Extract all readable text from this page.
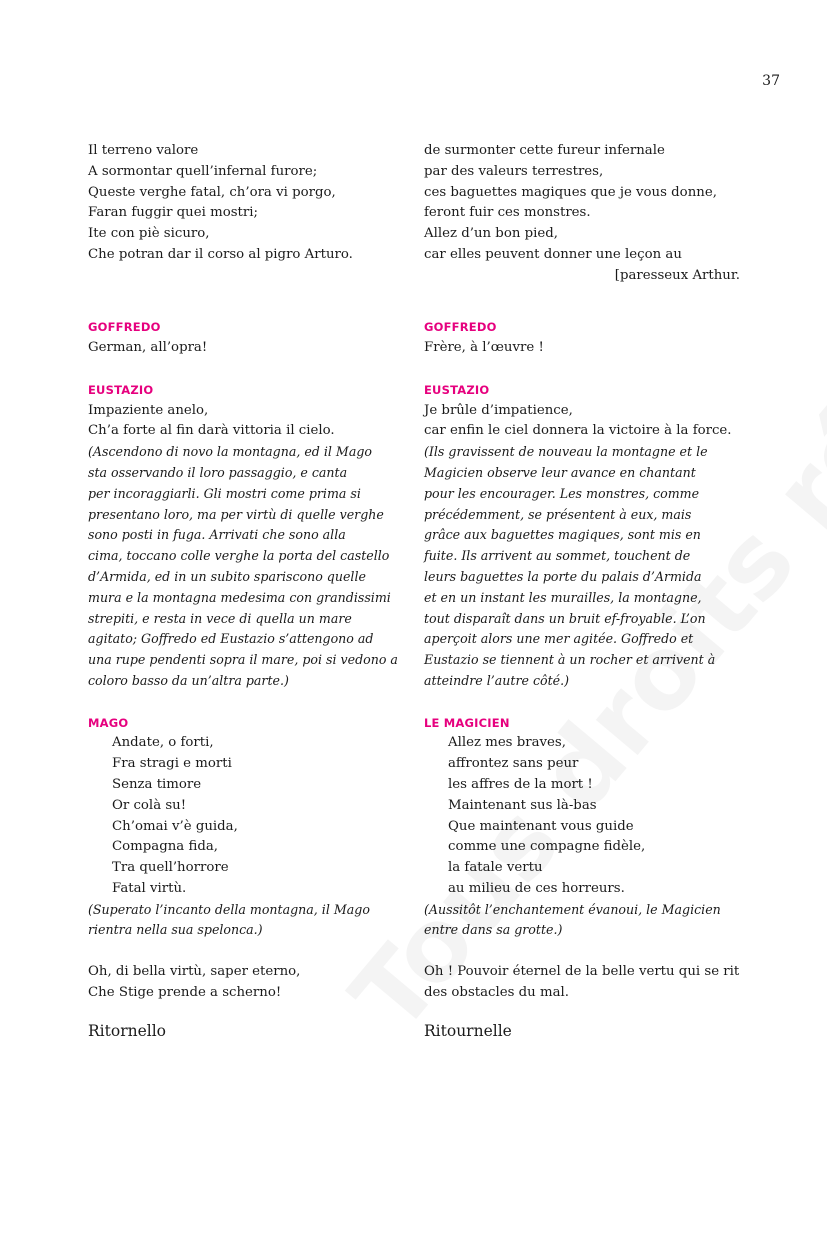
37
Il terreno valore
A sormontar quell’infernal furore;
Queste verghe fatal, ch’ora vi porgo,
Faran fuggir quei mostri;
Ite con piè sicuro,
Che potran dar il corso al pigro Arturo.
GOFFREDO
German, all’opra!
EUSTAZIO
Impaziente anelo,
Ch’a forte al fin darà vittoria il cielo.
(Ascendono di novo la montagna, ed il Mago
sta osservando il loro passaggio, e canta
per incoraggiarli. Gli mostri come prima si
presentano loro, ma per virtù di quelle verghe
sono posti in fuga. Arrivati che sono alla
cima, toccano colle verghe la porta del castello
d’Armida, ed in un subito spariscono quelle
mura e la montagna medesima con grandissimi
strepiti, e resta in vece di quella un mare
agitato; Goffredo ed Eustazio s’attengono ad
una rupe pendenti sopra il mare, poi si vedono a
coloro basso da un’altra parte.)
MAGO
Andate, o forti,
Fra stragi e morti
Senza timore
Or colà su!
Ch’omai v’è guida,
Compagna fida,
Tra quell’horrore
Fatal virtù.
(Superato l’incanto della montagna, il Mago
rientra nella sua spelonca.)
Oh, di bella virtù, saper eterno,
Che Stige prende a scherno!
Ritornello
de surmonter cette fureur infernale
par des valeurs terrestres,
ces baguettes magiques que je vous donne,
feront fuir ces monstres.
Allez d’un bon pied,
car elles peuvent donner une leçon au
[paresseux Arthur.
GOFFREDO
Frère, à l’œuvre !
EUSTAZIO
Je brûle d’impatience,
car enfin le ciel donnera la victoire à la force.
(Ils gravissent de nouveau la montagne et le
Magicien observe leur avance en chantant
pour les encourager. Les monstres, comme
précédemment, se présentent à eux, mais
grâce aux baguettes magiques, sont mis en
fuite. Ils arrivent au sommet, touchent de
leurs baguettes la porte du palais d’Armida
et en un instant les murailles, la montagne,
tout disparaît dans un bruit ef-froyable. L’on
aperçoit alors une mer agitée. Goffredo et
Eustazio se tiennent à un rocher et arrivent à
atteindre l’autre côté.)
LE MAGICIEN
Allez mes braves,
affrontez sans peur
les affres de la mort !
Maintenant sus là-bas
Que maintenant vous guide
comme une compagne fidèle,
la fatale vertu
au milieu de ces horreurs.
(Aussitôt l’enchantement évanoui, le Magicien
entre dans sa grotte.)
Oh ! Pouvoir éternel de la belle vertu qui se rit
des obstacles du mal.
Ritournelle
